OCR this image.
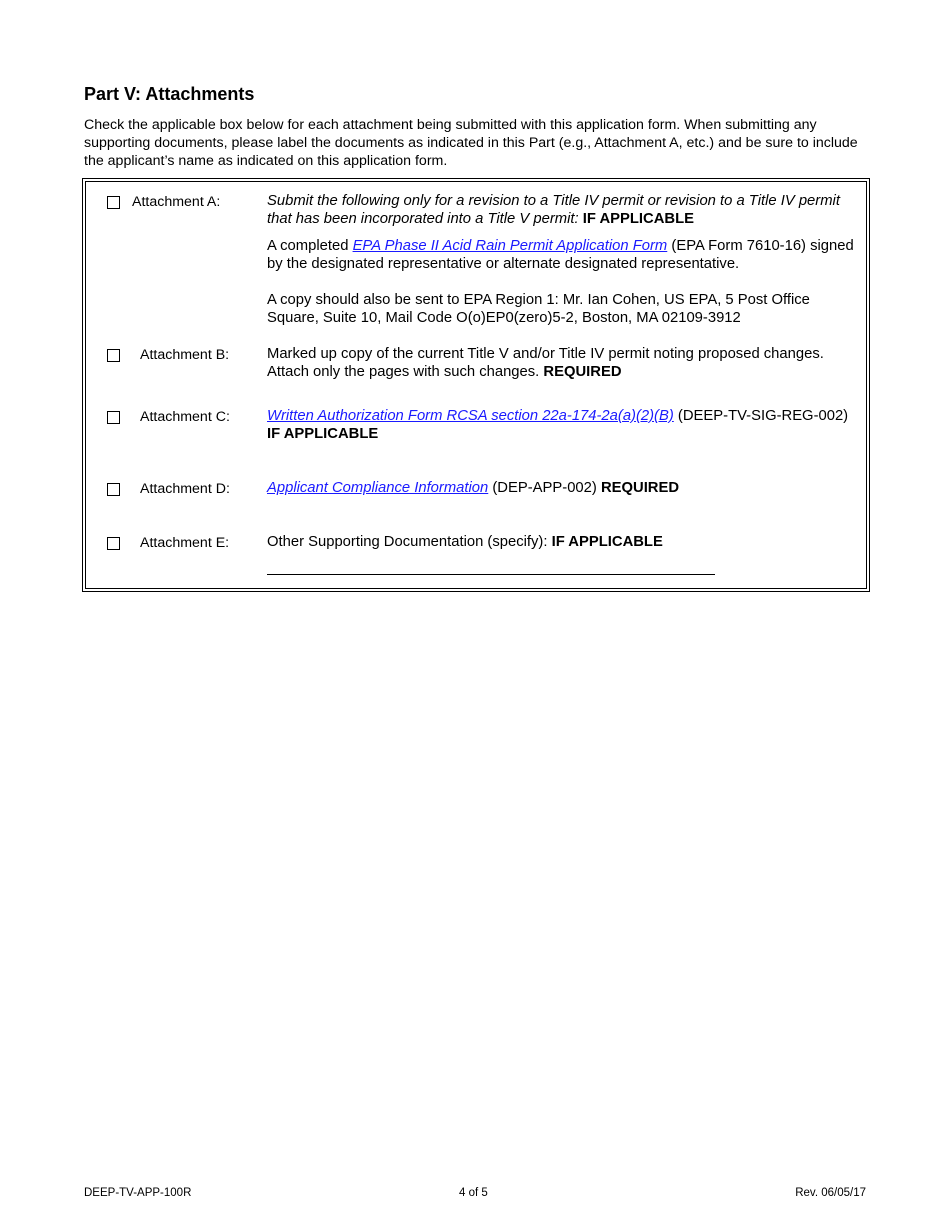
Part V: Attachments

Check the applicable box below for each attachment being submitted with this application form. When submitting any supporting documents, please label the documents as indicated in this Part (e.g., Attachment A, etc.) and be sure to include the applicant’s name as indicated on this application form.

Attachment A:	Submit the following only for a revision to a Title IV permit or revision to a Title IV permit that has been incorporated into a Title V permit: IF APPLICABLE

A completed EPA Phase II Acid Rain Permit Application Form (EPA Form 7610-16) signed by the designated representative or alternate designated representative.

A copy should also be sent to EPA Region 1: Mr. Ian Cohen, US EPA, 5 Post Office Square, Suite 10, Mail Code O(o)EP0(zero)5-2, Boston, MA 02109-3912

Attachment B:	Marked up copy of the current Title V and/or Title IV permit noting proposed changes. Attach only the pages with such changes. REQUIRED

Attachment C:	Written Authorization Form RCSA section 22a-174-2a(a)(2)(B) (DEEP-TV-SIG-REG-002) IF APPLICABLE

Attachment D:	Applicant Compliance Information (DEP-APP-002) REQUIRED

Attachment E:	Other Supporting Documentation (specify): IF APPLICABLE

DEEP-TV-APP-100R	4 of 5	Rev. 06/05/17
